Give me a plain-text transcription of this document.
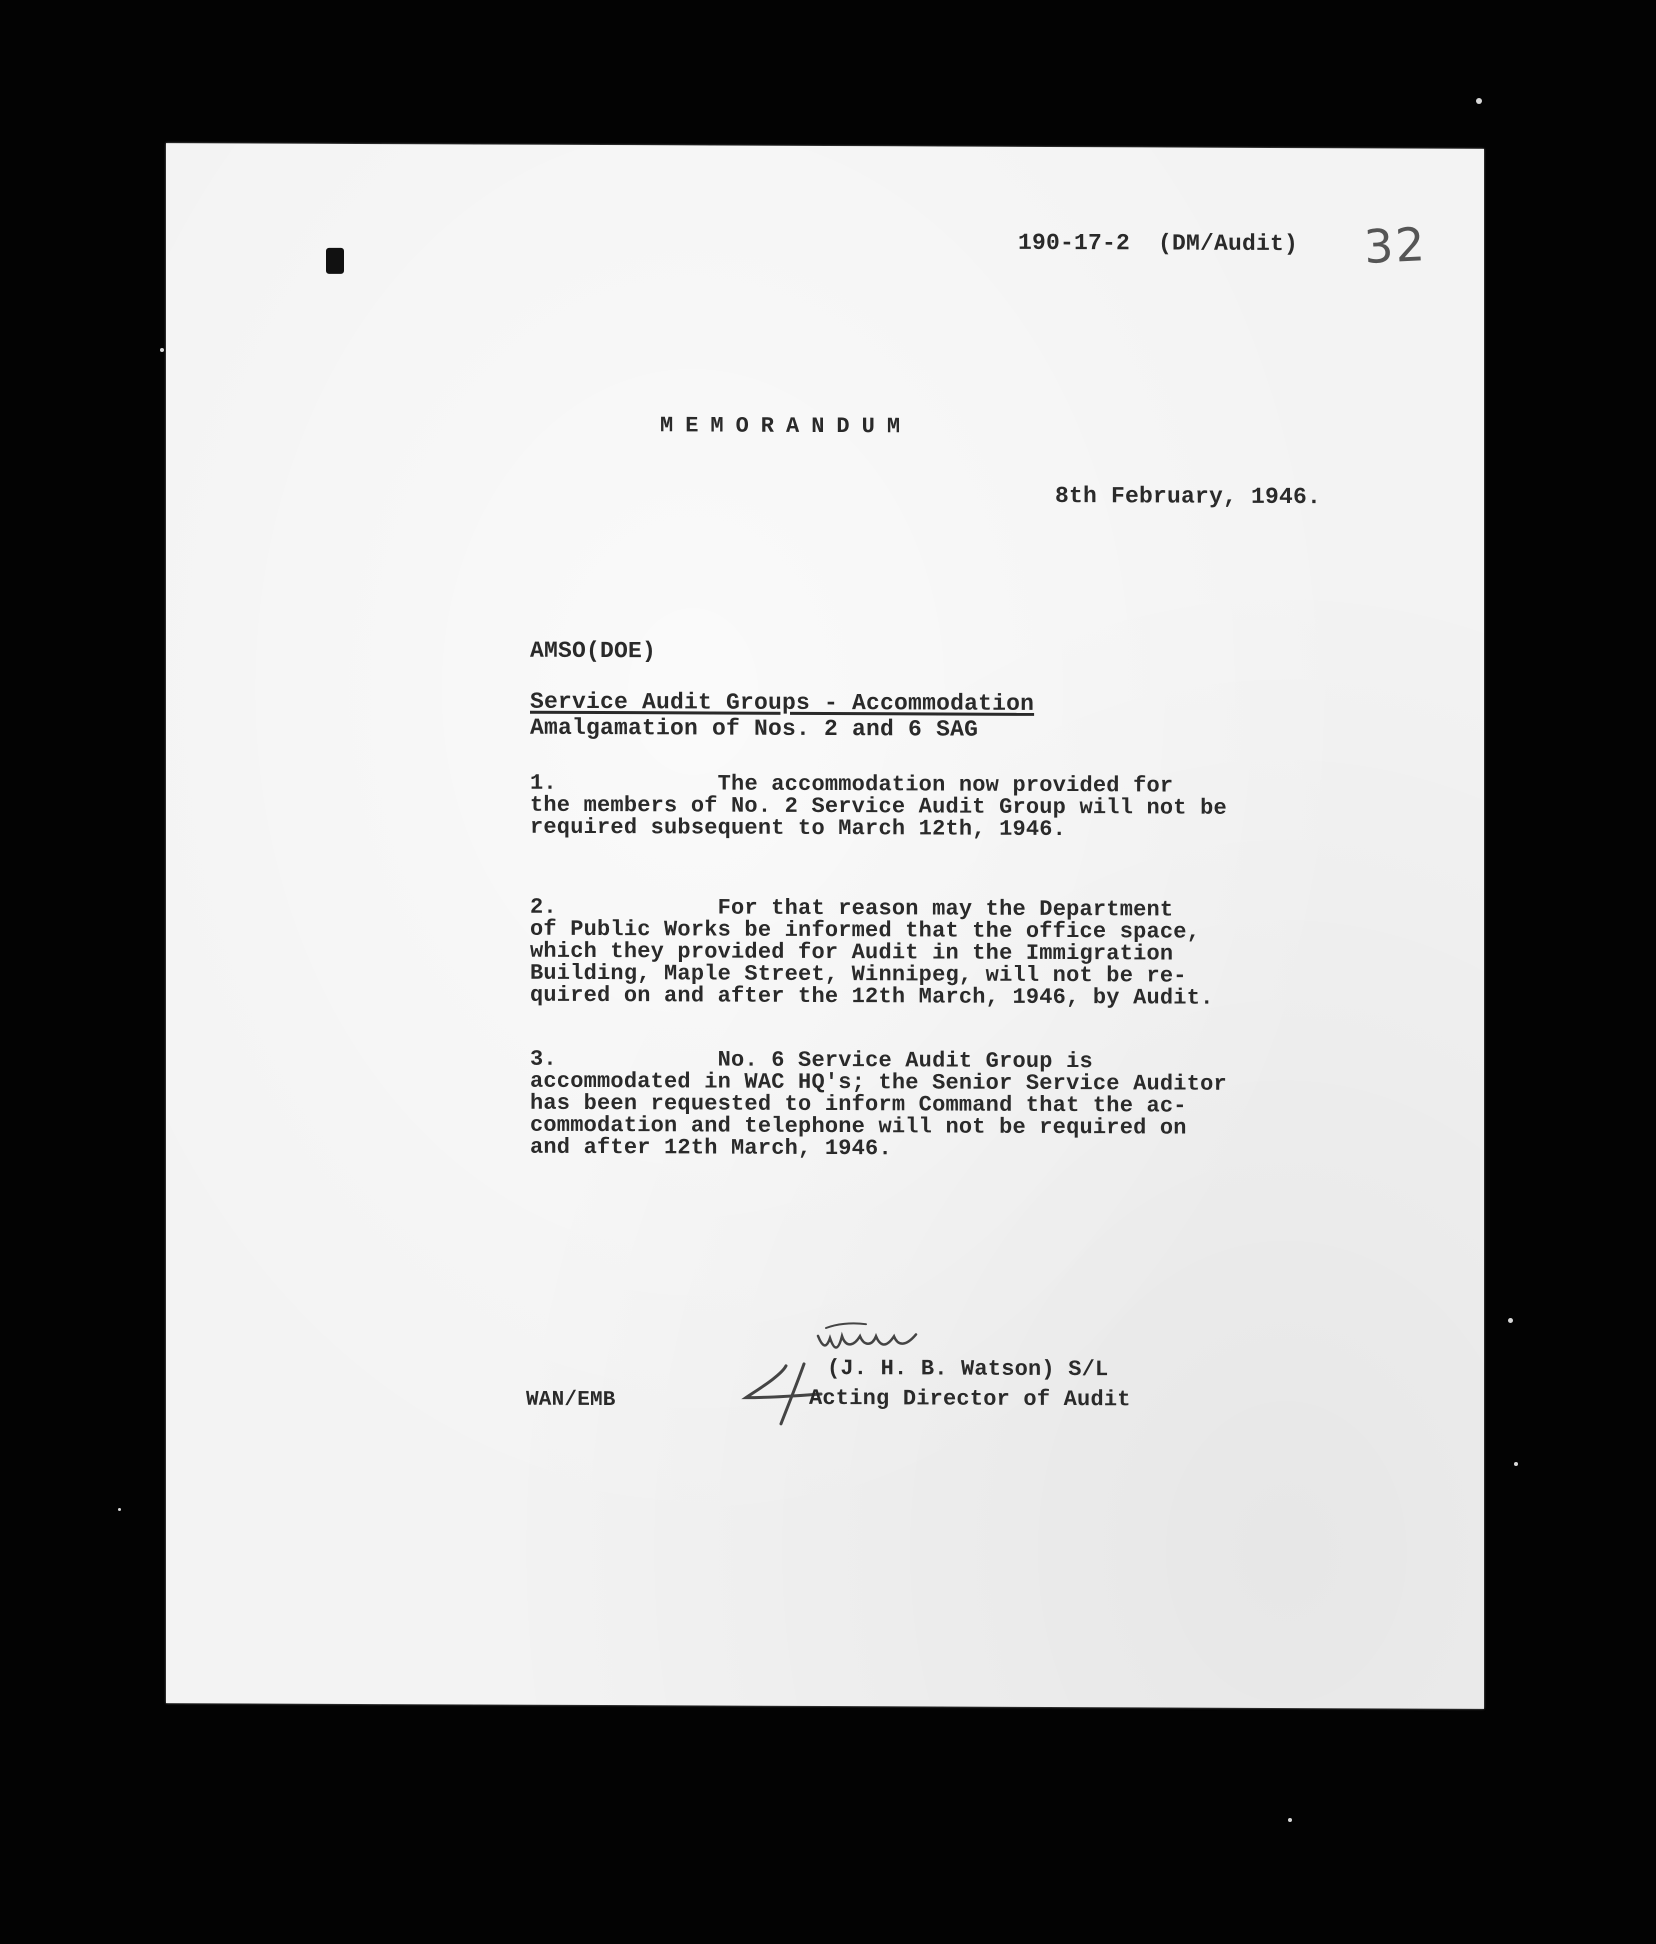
190-17-2  (DM/Audit) 32
MEMORANDUM
8th February, 1946.
AMSO(DOE)
Service Audit Groups - Accommodation
Amalgamation of Nos. 2 and 6 SAG
1.	The accommodation now provided for
the members of No. 2 Service Audit Group will not be
required subsequent to March 12th, 1946.
2.	For that reason may the Department
of Public Works be informed that the office space,
which they provided for Audit in the Immigration
Building, Maple Street, Winnipeg, will not be re-
quired on and after the 12th March, 1946, by Audit.
3.	No. 6 Service Audit Group is
accommodated in WAC HQ's; the Senior Service Auditor
has been requested to inform Command that the ac-
commodation and telephone will not be required on
and after 12th March, 1946.
WAN/EMB
(J. H. B. Watson) S/L
Acting Director of Audit
